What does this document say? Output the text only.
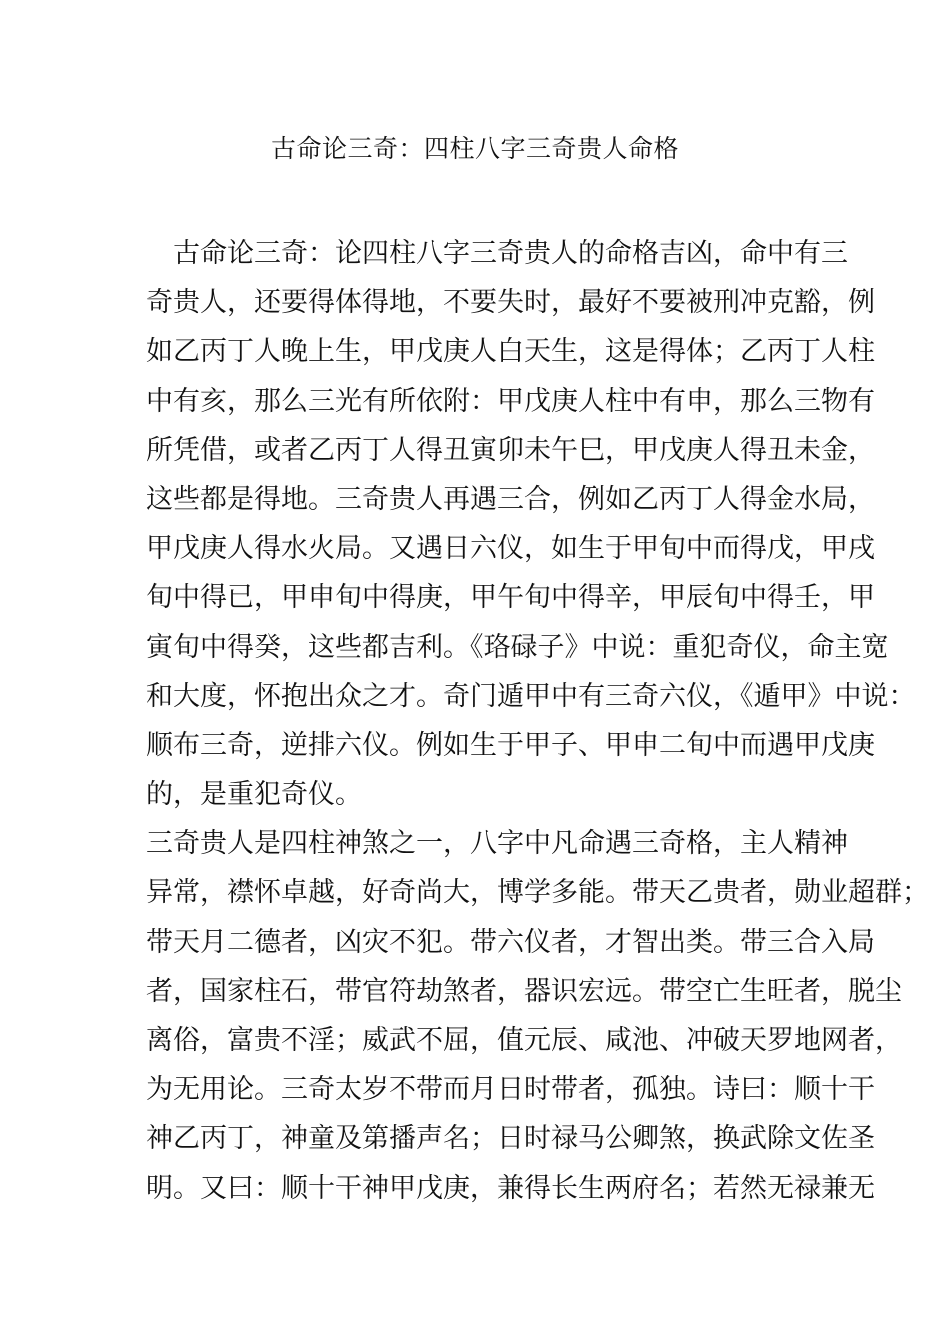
古命论三奇：四柱八字三奇贵人命格
古命论三奇：论四柱八字三奇贵人的命格吉凶，命中有三
奇贵人，还要得体得地，不要失时，最好不要被刑冲克豁，例
如乙丙丁人晚上生，甲戊庚人白天生，这是得体；乙丙丁人柱
中有亥，那么三光有所依附：甲戊庚人柱中有申，那么三物有
所凭借，或者乙丙丁人得丑寅卯未午巳，甲戊庚人得丑未金，
这些都是得地。三奇贵人再遇三合，例如乙丙丁人得金水局，
甲戊庚人得水火局。又遇日六仪，如生于甲旬中而得戊，甲戌
旬中得已，甲申旬中得庚，甲午旬中得辛，甲辰旬中得壬，甲
寅旬中得癸，这些都吉利。《珞碌子》中说：重犯奇仪，命主宽
和大度，怀抱出众之才。奇门遁甲中有三奇六仪，《遁甲》中说：
顺布三奇，逆排六仪。例如生于甲子、甲申二旬中而遇甲戊庚
的，是重犯奇仪。
三奇贵人是四柱神煞之一，八字中凡命遇三奇格，主人精神
异常，襟怀卓越，好奇尚大，博学多能。带天乙贵者，勋业超群；
带天月二德者，凶灾不犯。带六仪者，才智出类。带三合入局
者，国家柱石，带官符劫煞者，器识宏远。带空亡生旺者，脱尘
离俗，富贵不淫；威武不屈，值元辰、咸池、冲破天罗地网者，
为无用论。三奇太岁不带而月日时带者，孤独。诗曰：顺十干
神乙丙丁，神童及第播声名；日时禄马公卿煞，换武除文佐圣
明。又曰：顺十干神甲戊庚，兼得长生两府名；若然无禄兼无
